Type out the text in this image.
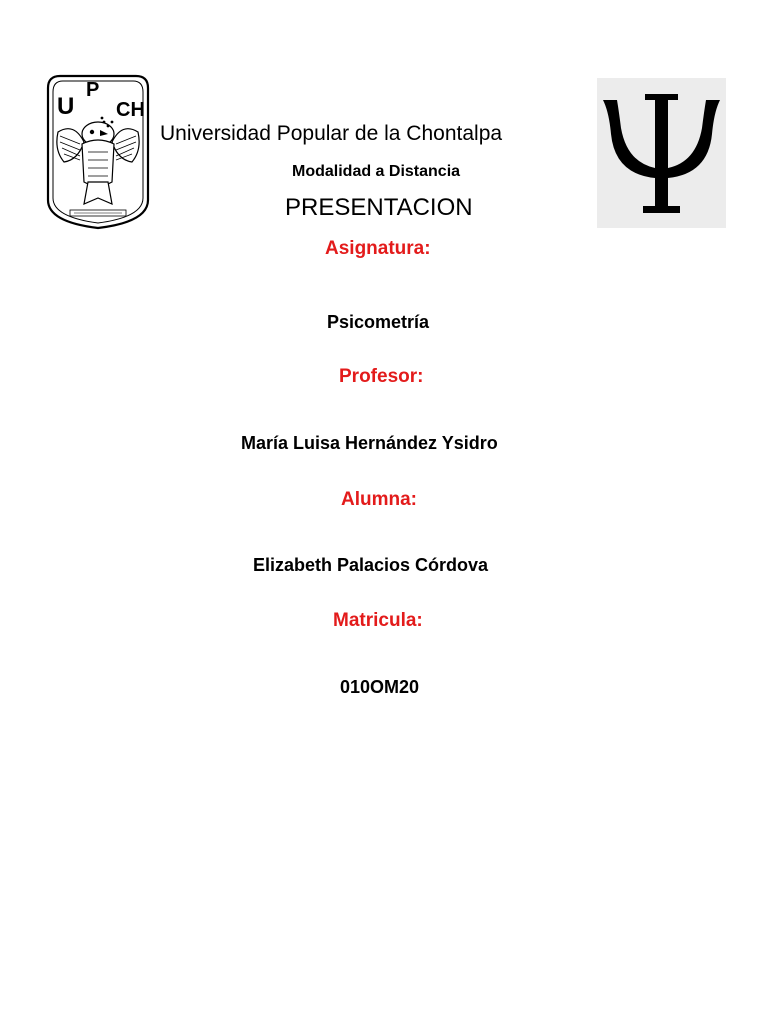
U
P
CH
Universidad Popular de la Chontalpa
Modalidad a Distancia
PRESENTACION
Asignatura:
Psicometría
Profesor:
María Luisa Hernández Ysidro
Alumna:
Elizabeth Palacios Córdova
Matricula:
010OM20
